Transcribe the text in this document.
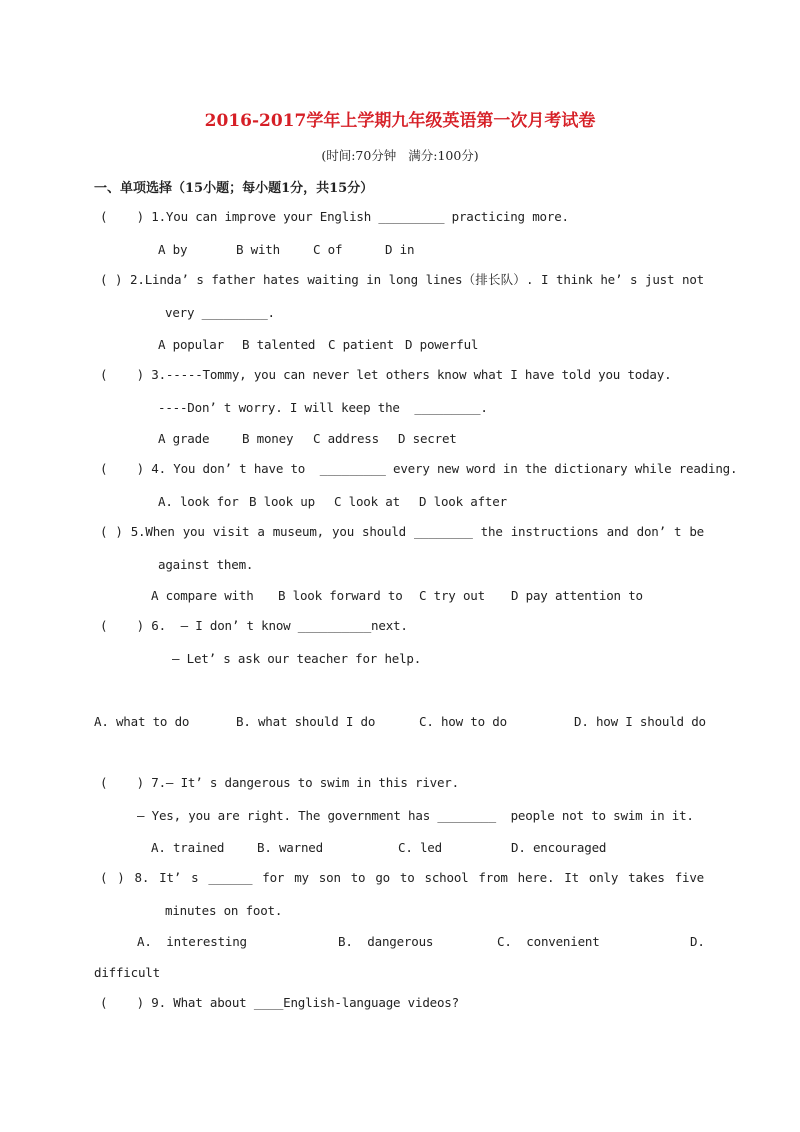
2016-2017学年上学期九年级英语第一次月考试卷
(时间:70分钟   满分:100分)
一、单项选择（15小题；每小题1分，共15分）
(    ) 1.You can improve your English _________ practicing more.
A by	B with	C of	D in
( ) 2.Linda’ s father hates waiting in long lines（排长队）. I think he’ s just not
very _________.
A popular B talented C patient D powerful
(    ) 3.-----Tommy, you can never let others know what I have told you today.
----Don’ t worry. I will keep the  _________.
A grade	B money C address D secret
(    ) 4. You don’ t have to  _________ every new word in the dictionary while reading.
A. look for B look up C look at D look after
( ) 5.When you visit a museum, you should ________ the instructions and don’ t be
against them.
A compare with B look forward to C try out D pay attention to
(    ) 6.  — I don’ t know __________next.
— Let’ s ask our teacher for help.
A. what to do	B. what should I do	C. how to do	D. how I should do
(    ) 7.— It’ s dangerous to swim in this river.
— Yes, you are right. The government has ________  people not to swim in it.
A. trained	B. warned	C. led	D. encouraged
( ) 8. It’ s ______ for my son to go to school from here. It only takes five
minutes on foot.
A.  interesting	B.  dangerous	C.  convenient	D.
difficult
(    ) 9. What about ____English-language videos?
